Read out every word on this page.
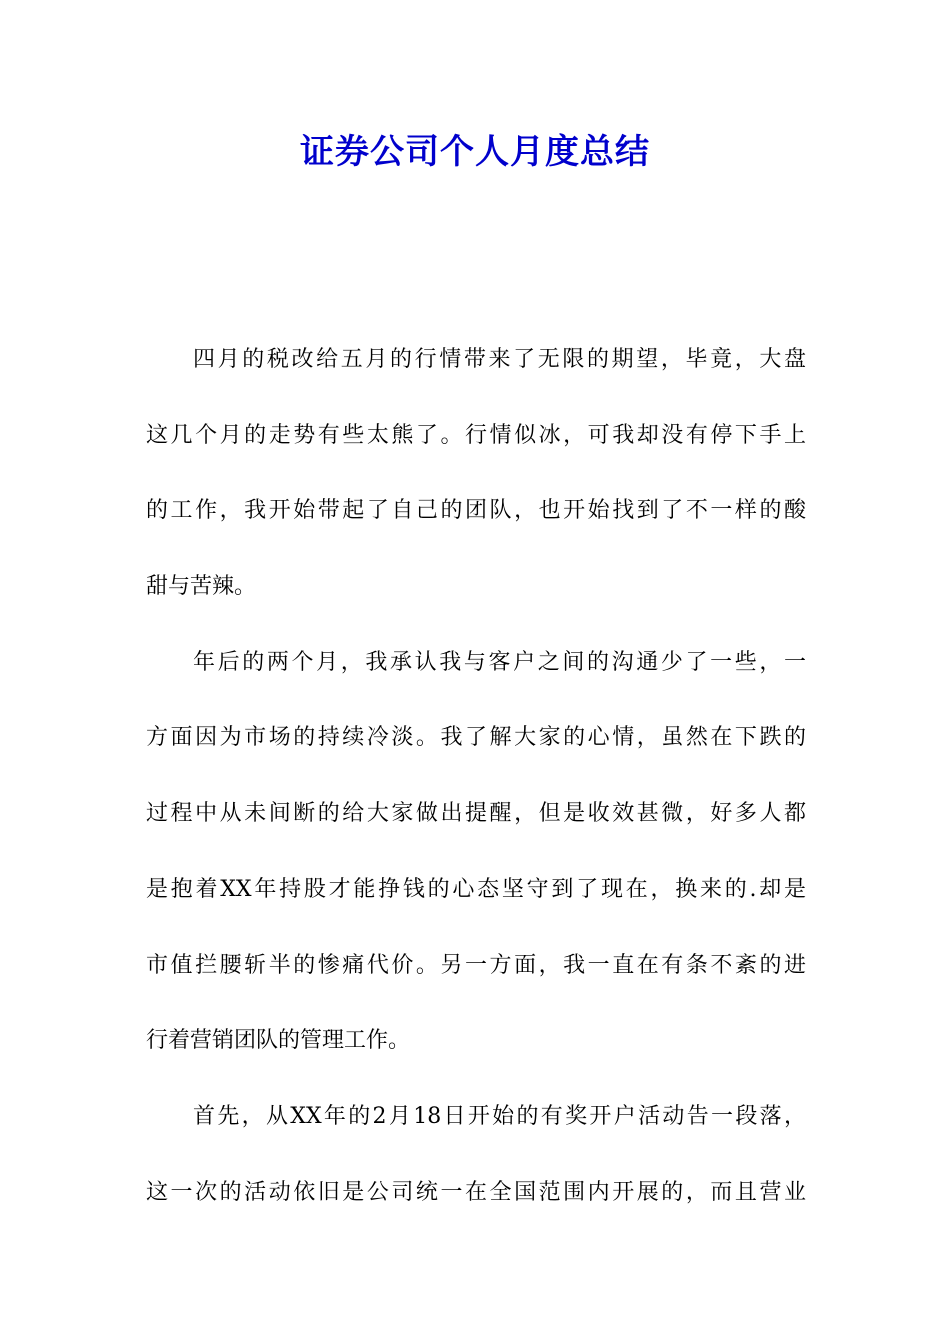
证券公司个人月度总结
四月的税改给五月的行情带来了无限的期望，毕竟，大盘
这几个月的走势有些太熊了。行情似冰，可我却没有停下手上
的工作，我开始带起了自己的团队，也开始找到了不一样的酸
甜与苦辣。
年后的两个月，我承认我与客户之间的沟通少了一些，一
方面因为市场的持续冷淡。我了解大家的心情，虽然在下跌的
过程中从未间断的给大家做出提醒，但是收效甚微，好多人都
是抱着XX年持股才能挣钱的心态坚守到了现在，换来的.却是
市值拦腰斩半的惨痛代价。另一方面，我一直在有条不紊的进
行着营销团队的管理工作。
首先，从XX年的2月18日开始的有奖开户活动告一段落，
这一次的活动依旧是公司统一在全国范围内开展的，而且营业
